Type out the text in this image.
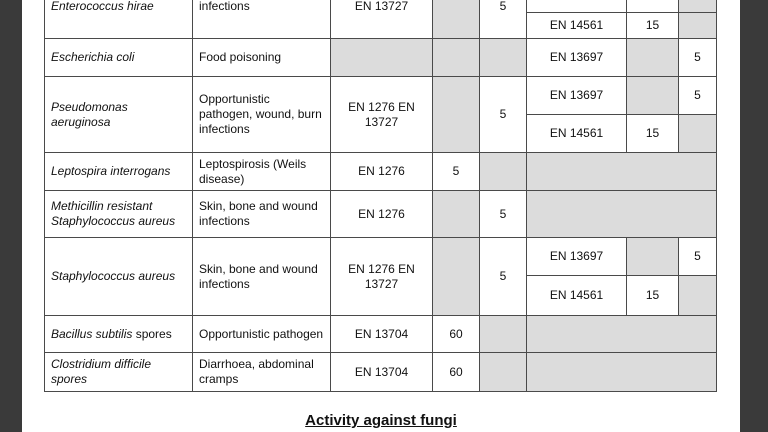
Enterococcus hirae	infections	EN 13727		5			
					EN 14561	15	
Escherichia coli	Food poisoning				EN 13697		5
Pseudomonas aeruginosa	Opportunistic pathogen, wound, burn infections	EN 1276 EN 13727		5	EN 13697		5
					EN 14561	15	
Leptospira interrogans	Leptospirosis (Weils disease)	EN 1276	5				
Methicillin resistant Staphylococcus aureus	Skin, bone and wound infections	EN 1276		5			
Staphylococcus aureus	Skin, bone and wound infections	EN 1276 EN 13727		5	EN 13697		5
					EN 14561	15	
Bacillus subtilis spores	Opportunistic pathogen	EN 13704	60				
Clostridium difficile spores	Diarrhoea, abdominal cramps	EN 13704	60				
Activity against fungi
